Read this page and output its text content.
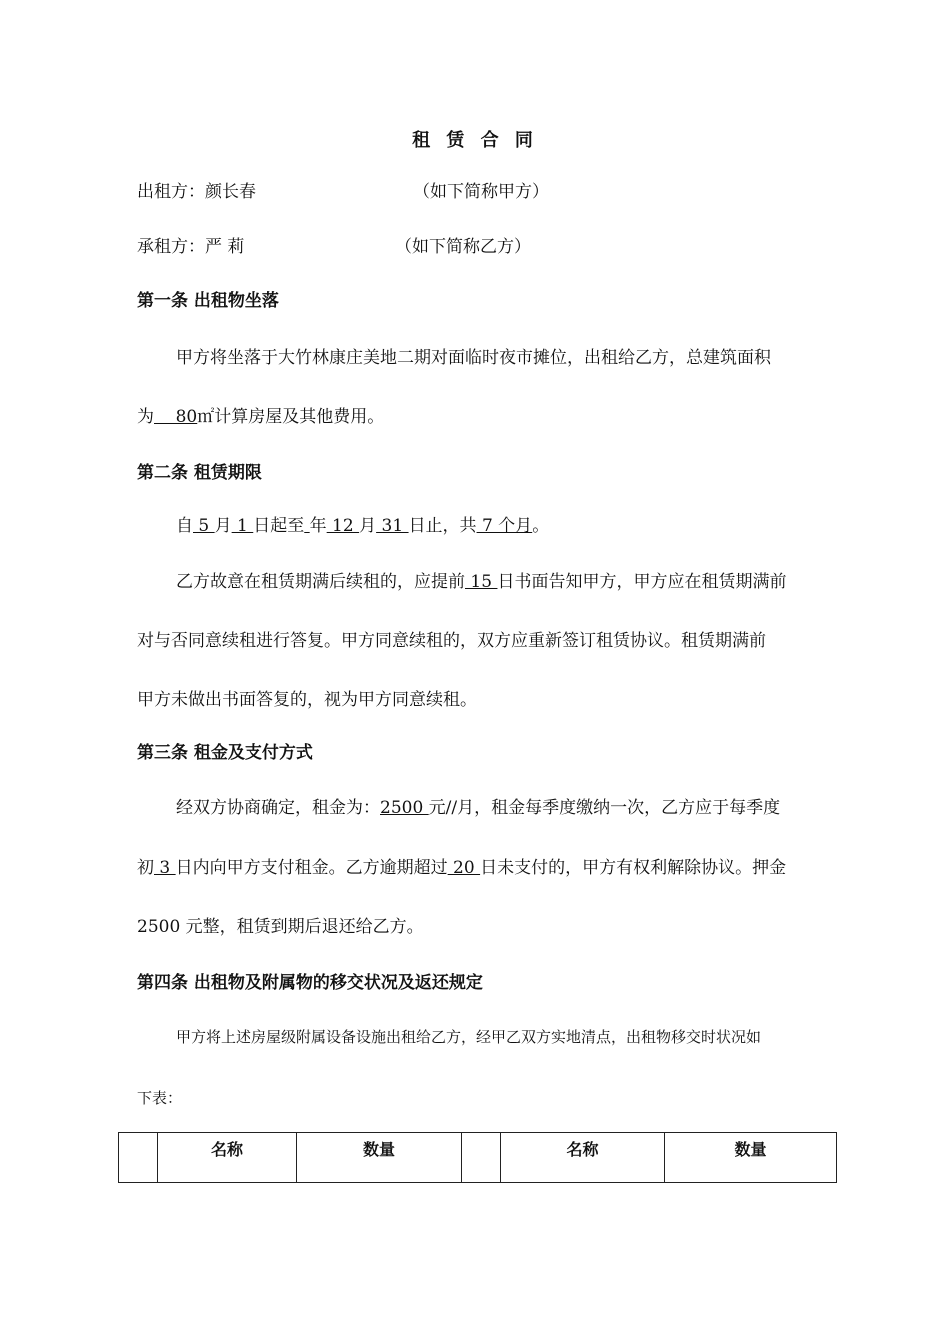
租 赁 合 同
出租方：颜长春	（如下简称甲方）
承租方：严 莉	（如下简称乙方）
第一条 出租物坐落
甲方将坐落于大竹林康庄美地二期对面临时夜市摊位，出租给乙方，总建筑面积
为    80㎡计算房屋及其他费用。
第二条 租赁期限
自 5 月 1 日起至 年 12 月 31 日止，共 7 个月。
乙方故意在租赁期满后续租的，应提前 15 日书面告知甲方，甲方应在租赁期满前
对与否同意续租进行答复。甲方同意续租的，双方应重新签订租赁协议。租赁期满前
甲方未做出书面答复的，视为甲方同意续租。
第三条 租金及支付方式
经双方协商确定，租金为：2500 元//月，租金每季度缴纳一次，乙方应于每季度
初 3 日内向甲方支付租金。乙方逾期超过 20 日未支付的，甲方有权利解除协议。押金
2500 元整，租赁到期后退还给乙方。
第四条 出租物及附属物的移交状况及返还规定
甲方将上述房屋级附属设备设施出租给乙方，经甲乙双方实地清点，出租物移交时状况如
下表：
	名称	数量		名称	数量
